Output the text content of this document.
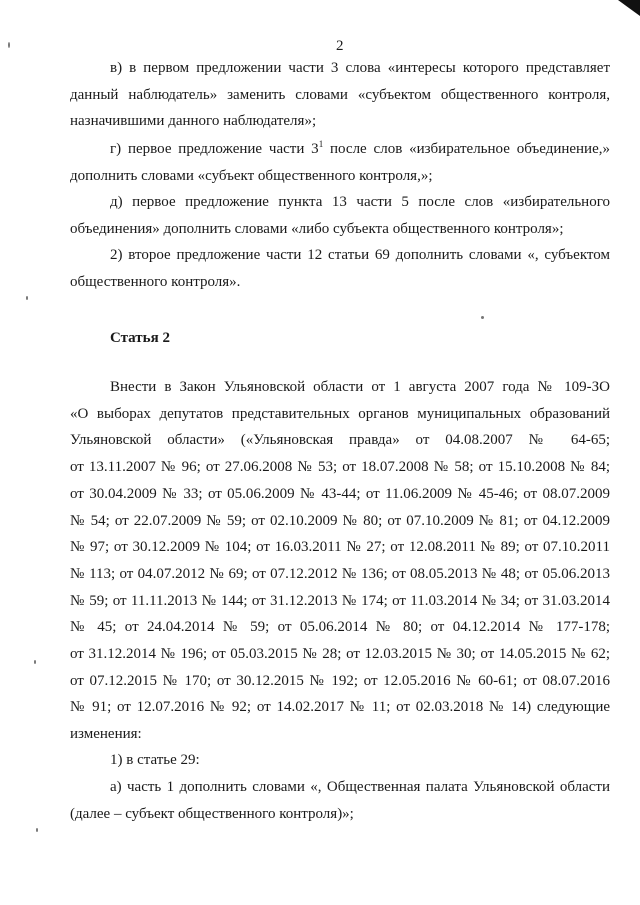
2
в) в первом предложении части 3 слова «интересы которого представляет
данный наблюдатель» заменить словами «субъектом общественного контроля,
назначившими данного наблюдателя»;
г) первое предложение части $3^1$ после слов «избирательное объединение,»
дополнить словами «субъект общественного контроля,»;
д) первое предложение пункта 13 части 5 после слов «избирательного
объединения» дополнить словами «либо субъекта общественного контроля»;
2) второе предложение части 12 статьи 69 дополнить словами «, субъектом
общественного контроля».
Статья 2
Внести в Закон Ульяновской области от 1 августа 2007 года № 109-ЗО
«О выборах депутатов представительных органов муниципальных образований
Ульяновской области» («Ульяновская правда» от 04.08.2007 № 64-65;
от 13.11.2007 № 96; от 27.06.2008 № 53; от 18.07.2008 № 58; от 15.10.2008 № 84;
от 30.04.2009 № 33; от 05.06.2009 № 43-44; от 11.06.2009 № 45-46; от 08.07.2009
№ 54; от 22.07.2009 № 59; от 02.10.2009 № 80; от 07.10.2009 № 81; от 04.12.2009
№ 97; от 30.12.2009 № 104; от 16.03.2011 № 27; от 12.08.2011 № 89; от 07.10.2011
№ 113; от 04.07.2012 № 69; от 07.12.2012 № 136; от 08.05.2013 № 48; от 05.06.2013
№ 59; от 11.11.2013 № 144; от 31.12.2013 № 174; от 11.03.2014 № 34; от 31.03.2014
№ 45; от 24.04.2014 № 59; от 05.06.2014 № 80; от 04.12.2014 № 177-178;
от 31.12.2014 № 196; от 05.03.2015 № 28; от 12.03.2015 № 30; от 14.05.2015 № 62;
от 07.12.2015 № 170; от 30.12.2015 № 192; от 12.05.2016 № 60-61; от 08.07.2016
№ 91; от 12.07.2016 № 92; от 14.02.2017 № 11; от 02.03.2018 № 14) следующие
изменения:
1) в статье 29:
а) часть 1 дополнить словами «, Общественная палата Ульяновской области
(далее – субъект общественного контроля)»;
